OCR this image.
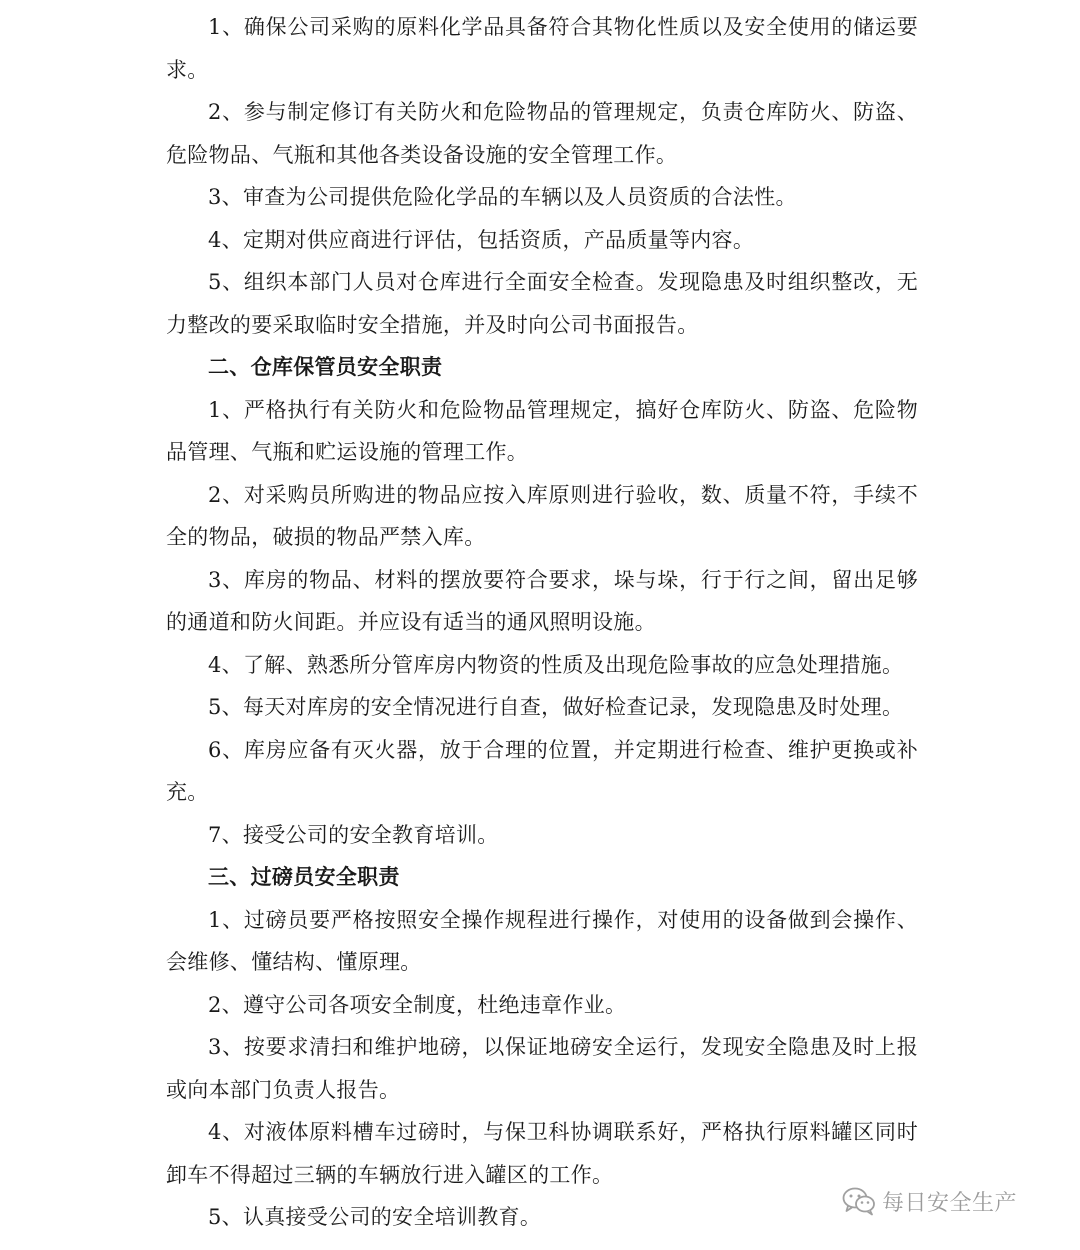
1、确保公司采购的原料化学品具备符合其物化性质以及安全使用的储运要求。

2、参与制定修订有关防火和危险物品的管理规定，负责仓库防火、防盗、危险物品、气瓶和其他各类设备设施的安全管理工作。

3、审查为公司提供危险化学品的车辆以及人员资质的合法性。

4、定期对供应商进行评估，包括资质，产品质量等内容。

5、组织本部门人员对仓库进行全面安全检查。发现隐患及时组织整改，无力整改的要采取临时安全措施，并及时向公司书面报告。

二、仓库保管员安全职责

1、严格执行有关防火和危险物品管理规定，搞好仓库防火、防盗、危险物品管理、气瓶和贮运设施的管理工作。

2、对采购员所购进的物品应按入库原则进行验收，数、质量不符，手续不全的物品，破损的物品严禁入库。

3、库房的物品、材料的摆放要符合要求，垛与垛，行于行之间，留出足够的通道和防火间距。并应设有适当的通风照明设施。

4、了解、熟悉所分管库房内物资的性质及出现危险事故的应急处理措施。

5、每天对库房的安全情况进行自查，做好检查记录，发现隐患及时处理。

6、库房应备有灭火器，放于合理的位置，并定期进行检查、维护更换或补充。

7、接受公司的安全教育培训。

三、过磅员安全职责

1、过磅员要严格按照安全操作规程进行操作，对使用的设备做到会操作、会维修、懂结构、懂原理。

2、遵守公司各项安全制度，杜绝违章作业。

3、按要求清扫和维护地磅，以保证地磅安全运行，发现安全隐患及时上报或向本部门负责人报告。

4、对液体原料槽车过磅时，与保卫科协调联系好，严格执行原料罐区同时卸车不得超过三辆的车辆放行进入罐区的工作。

5、认真接受公司的安全培训教育。

每日安全生产
